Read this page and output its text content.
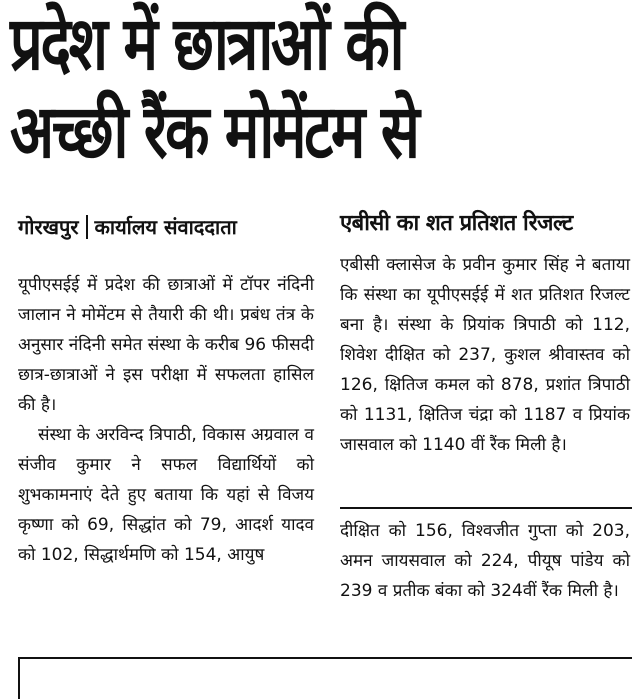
प्रदेश में छात्राओं की
अच्छी रैंक मोमेंटम से
गोरखपुर कार्यालय संवाददाता

यूपीएसईई में प्रदेश की छात्राओं में टॉपर नंदिनी जालान ने मोमेंटम से तैयारी की थी। प्रबंध तंत्र के अनुसार नंदिनी समेत संस्था के करीब 96 फीसदी छात्र-छात्राओं ने इस परीक्षा में सफलता हासिल की है।

संस्था के अरविन्द त्रिपाठी, विकास अग्रवाल व संजीव कुमार ने सफल विद्यार्थियों को शुभकामनाएं देते हुए बताया कि यहां से विजय कृष्णा को 69, सिद्धांत को 79, आदर्श यादव को 102, सिद्धार्थमणि को 154, आयुष

एबीसी का शत प्रतिशत रिजल्ट

एबीसी क्लासेज के प्रवीन कुमार सिंह ने बताया कि संस्था का यूपीएसईई में शत प्रतिशत रिजल्ट बना है। संस्था के प्रियांक त्रिपाठी को 112, शिवेश दीक्षित को 237, कुशल श्रीवास्तव को 126, क्षितिज कमल को 878, प्रशांत त्रिपाठी को 1131, क्षितिज चंद्रा को 1187 व प्रियांक जासवाल को 1140 वीं रैंक मिली है।

दीक्षित को 156, विश्वजीत गुप्ता को 203, अमन जायसवाल को 224, पीयूष पांडेय को 239 व प्रतीक बंका को 324वीं रैंक मिली है।
